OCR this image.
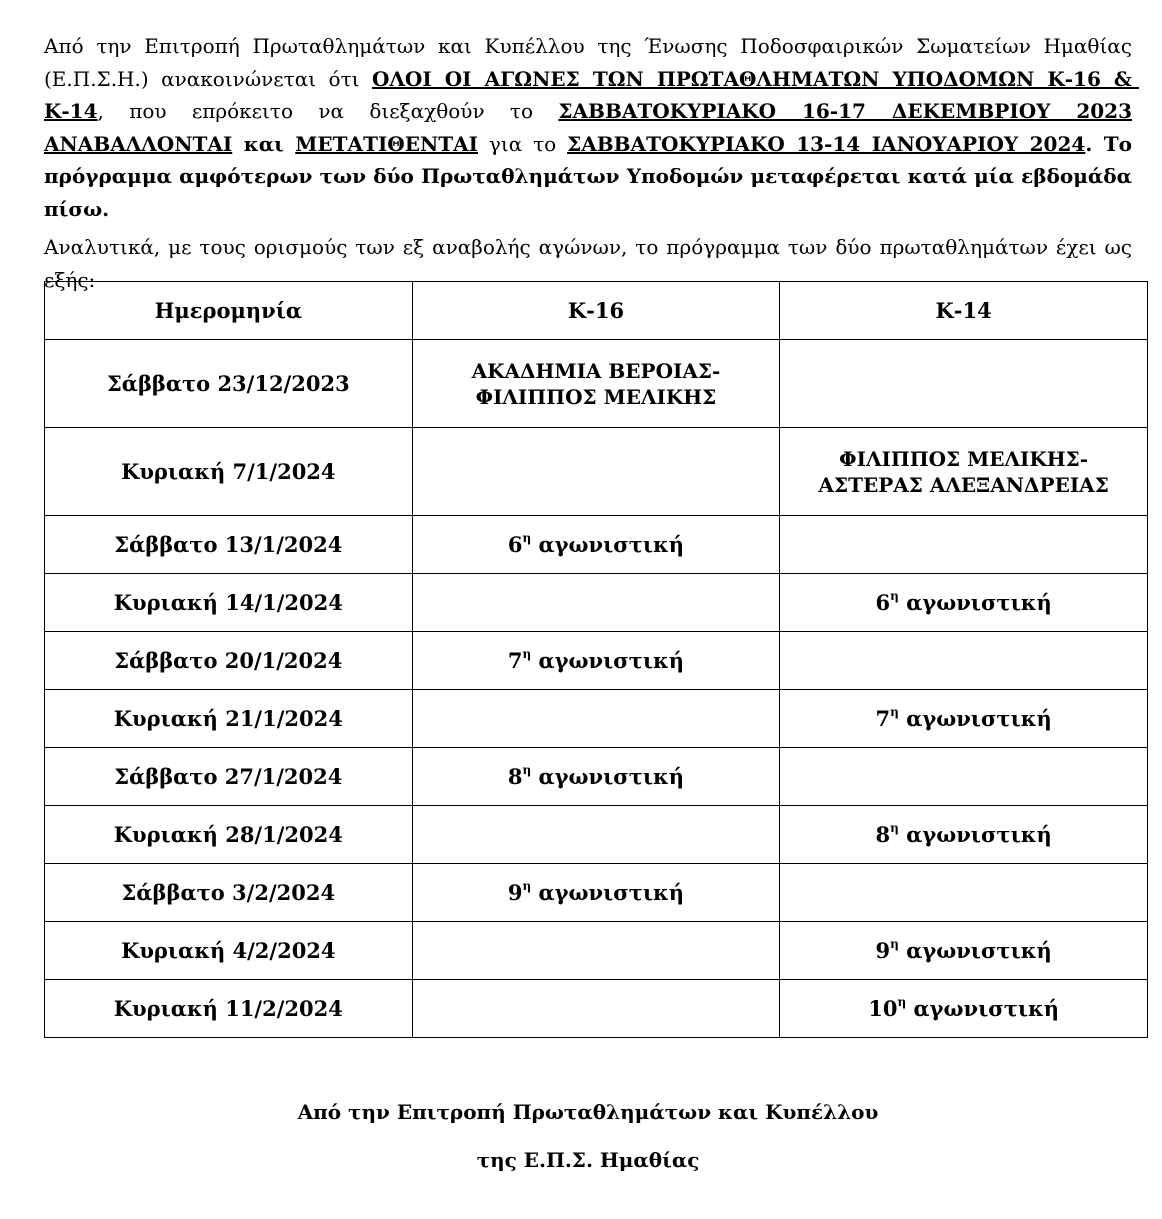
Από την Επιτροπή Πρωταθλημάτων και Κυπέλλου της Ένωσης Ποδοσφαιρικών Σωματείων Ημαθίας (Ε.Π.Σ.Η.) ανακοινώνεται ότι ΟΛΟΙ ΟΙ ΑΓΩΝΕΣ ΤΩΝ ΠΡΩΤΑΘΛΗΜΑΤΩΝ ΥΠΟΔΟΜΩΝ Κ-16 & Κ-14, που επρόκειτο να διεξαχθούν το ΣΑΒΒΑΤΟΚΥΡΙΑΚΟ 16-17 ΔΕΚΕΜΒΡΙΟΥ 2023 ΑΝΑΒΑΛΛΟΝΤΑΙ και ΜΕΤΑΤΙΘΕΝΤΑΙ για το ΣΑΒΒΑΤΟΚΥΡΙΑΚΟ 13-14 ΙΑΝΟΥΑΡΙΟΥ 2024. Το πρόγραμμα αμφότερων των δύο Πρωταθλημάτων Υποδομών μεταφέρεται κατά μία εβδομάδα πίσω.

Αναλυτικά, με τους ορισμούς των εξ αναβολής αγώνων, το πρόγραμμα των δύο πρωταθλημάτων έχει ως εξής:

Ημερομηνία	Κ-16	Κ-14
Σάββατο 23/12/2023	ΑΚΑΔΗΜΙΑ ΒΕΡΟΙΑΣ-
ΦΙΛΙΠΠΟΣ ΜΕΛΙΚΗΣ	

Κυριακή 7/1/2024		ΦΙΛΙΠΠΟΣ ΜΕΛΙΚΗΣ-
ΑΣΤΕΡΑΣ ΑΛΕΞΑΝΔΡΕΙΑΣ

Σάββατο 13/1/2024	$6^\eta$ αγωνιστική	
Κυριακή 14/1/2024		$6^\eta$ αγωνιστική
Σάββατο 20/1/2024	$7^\eta$ αγωνιστική	
Κυριακή 21/1/2024		$7^\eta$ αγωνιστική
Σάββατο 27/1/2024	$8^\eta$ αγωνιστική	
Κυριακή 28/1/2024		$8^\eta$ αγωνιστική
Σάββατο 3/2/2024	$9^\eta$ αγωνιστική	
Κυριακή 4/2/2024		$9^\eta$ αγωνιστική
Κυριακή 11/2/2024		$10^\eta$ αγωνιστική
Από την Επιτροπή Πρωταθλημάτων και Κυπέλλου
της Ε.Π.Σ. Ημαθίας
